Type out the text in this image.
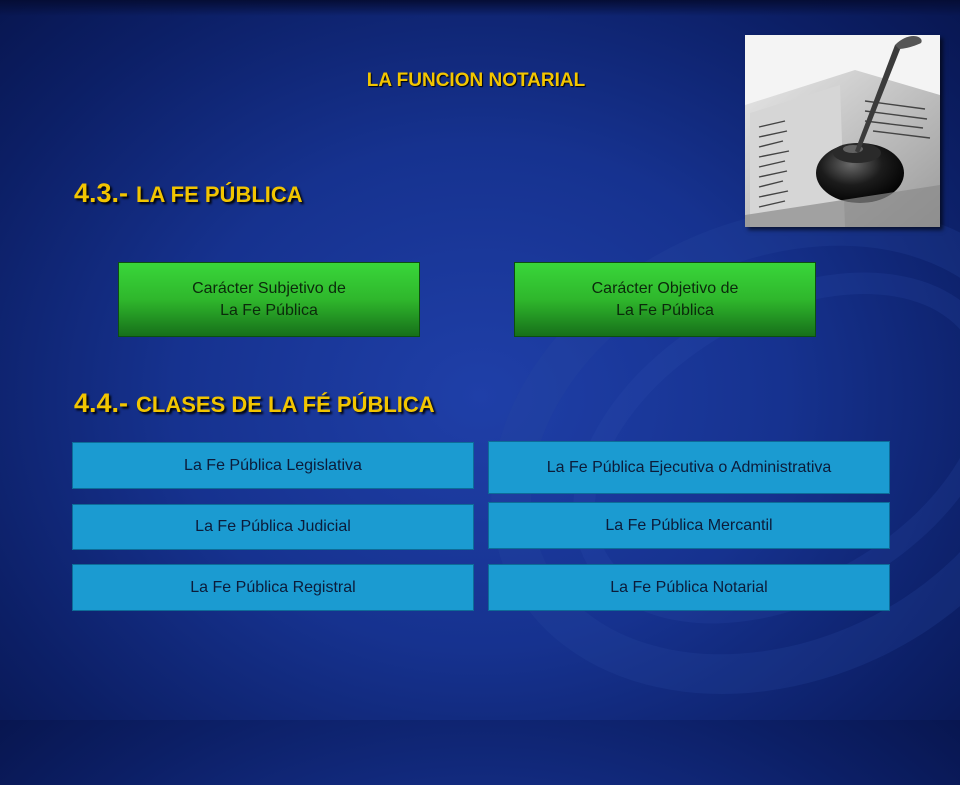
LA FUNCION NOTARIAL
4.3.- LA FE PÚBLICA
Carácter Subjetivo de
La Fe Pública
Carácter Objetivo de
La Fe Pública
4.4.- CLASES DE LA FÉ PÚBLICA
La Fe Pública Legislativa
La Fe Pública Judicial
La Fe Pública Registral
La Fe Pública Ejecutiva o Administrativa
La Fe Pública Mercantil
La Fe Pública Notarial
